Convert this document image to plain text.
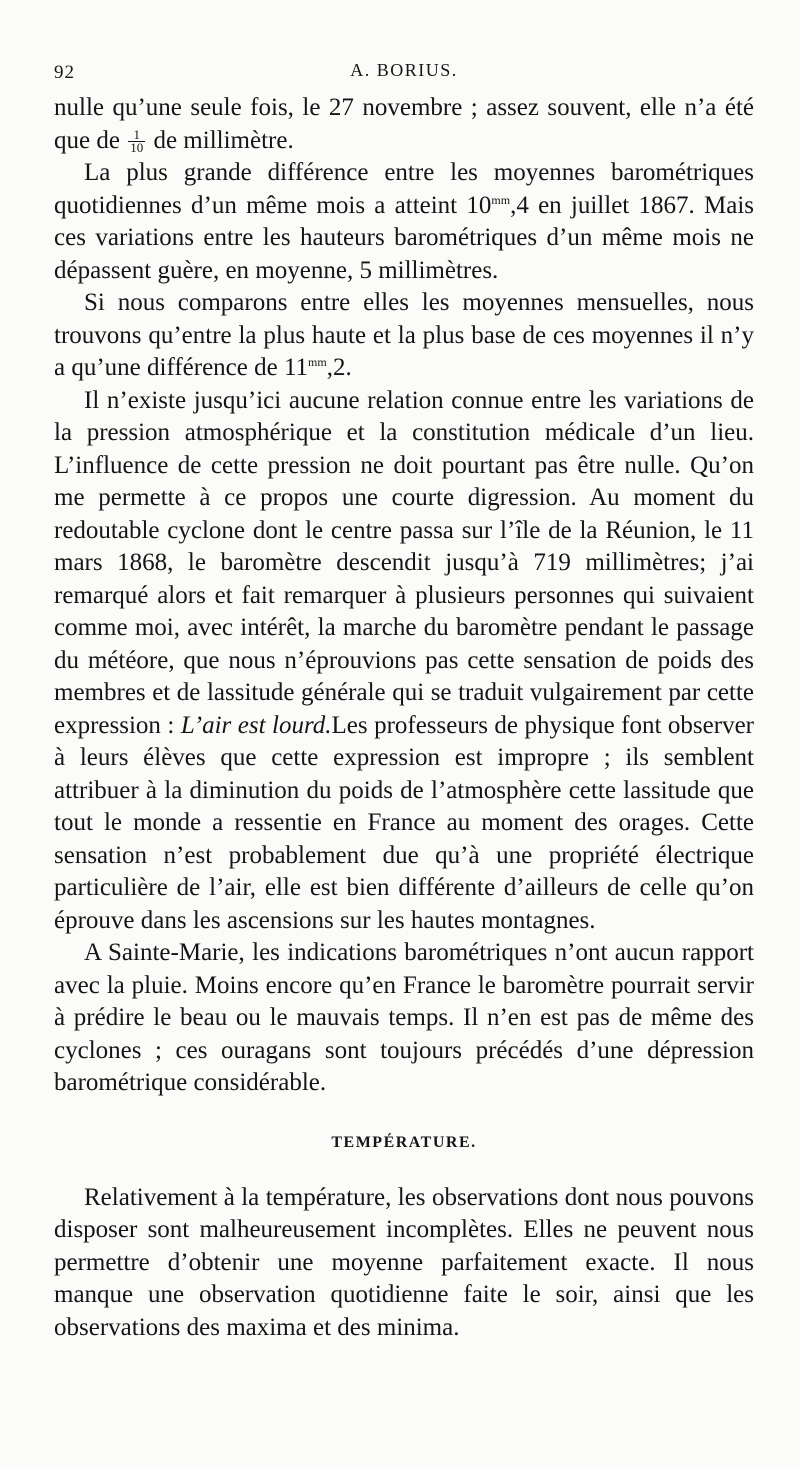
92	A. BORIUS.

nulle qu’une seule fois, le 27 novembre ; assez souvent, elle n’a été que de $\frac{1}{10}$ de millimètre.

La plus grande différence entre les moyennes barométriques quotidiennes d’un même mois a atteint $10^{mm},4$ en juillet 1867. Mais ces variations entre les hauteurs barométriques d’un même mois ne dépassent guère, en moyenne, 5 millimètres.

Si nous comparons entre elles les moyennes mensuelles, nous trouvons qu’entre la plus haute et la plus base de ces moyennes il n’y a qu’une différence de $11^{mm},2$.

Il n’existe jusqu’ici aucune relation connue entre les variations de la pression atmosphérique et la constitution médicale d’un lieu. L’influence de cette pression ne doit pourtant pas être nulle. Qu’on me permette à ce propos une courte digression. Au moment du redoutable cyclone dont le centre passa sur l’île de la Réunion, le 11 mars 1868, le baromètre descendit jusqu’à 719 millimètres; j’ai remarqué alors et fait remarquer à plusieurs personnes qui suivaient comme moi, avec intérêt, la marche du baromètre pendant le passage du météore, que nous n’éprouvions pas cette sensation de poids des membres et de lassitude générale qui se traduit vulgairement par cette expression : L’air est lourd.Les professeurs de physique font observer à leurs élèves que cette expression est impropre ; ils semblent attribuer à la diminution du poids de l’atmosphère cette lassitude que tout le monde a ressentie en France au moment des orages. Cette sensation n’est probablement due qu’à une propriété électrique particulière de l’air, elle est bien différente d’ailleurs de celle qu’on éprouve dans les ascensions sur les hautes montagnes.

A Sainte-Marie, les indications barométriques n’ont aucun rapport avec la pluie. Moins encore qu’en France le baromètre pourrait servir à prédire le beau ou le mauvais temps. Il n’en est pas de même des cyclones ; ces ouragans sont toujours précédés d’une dépression barométrique considérable.

TEMPÉRATURE.

Relativement à la température, les observations dont nous pouvons disposer sont malheureusement incomplètes. Elles ne peuvent nous permettre d’obtenir une moyenne parfaitement exacte. Il nous manque une observation quotidienne faite le soir, ainsi que les observations des maxima et des minima.
